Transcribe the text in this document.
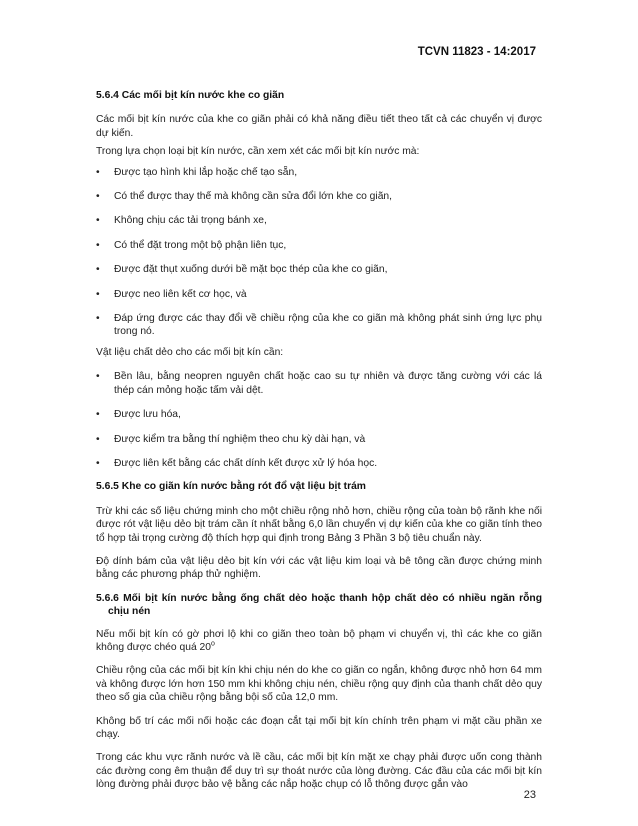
TCVN 11823 - 14:2017

5.6.4 Các mối bịt kín nước khe co giãn

Các mối bịt kín nước của khe co giãn phải có khả năng điều tiết theo tất cả các chuyển vị được dự kiến.

Trong lựa chọn loại bịt kín nước, cần xem xét các mối bịt kín nước mà:

• Được tạo hình khi lắp hoặc chế tạo sẵn,
• Có thể được thay thế mà không cần sửa đổi lớn khe co giãn,
• Không chịu các tải trọng bánh xe,
• Có thể đặt trong một bộ phận liên tục,
• Được đặt thụt xuống dưới bề mặt bọc thép của khe co giãn,
• Được neo liên kết cơ học, và
• Đáp ứng được các thay đổi về chiều rộng của khe co giãn mà không phát sinh ứng lực phụ trong nó.

Vật liệu chất dẻo cho các mối bịt kín cần:

• Bền lâu, bằng neopren nguyên chất hoặc cao su tự nhiên và được tăng cường với các lá thép cán mỏng hoặc tấm vải dệt.
• Được lưu hóa,
• Được kiểm tra bằng thí nghiệm theo chu kỳ dài hạn, và
• Được liên kết bằng các chất dính kết được xử lý hóa học.

5.6.5 Khe co giãn kín nước bằng rót đổ vật liệu bịt trám

Trừ khi các số liệu chứng minh cho một chiều rộng nhỏ hơn, chiều rộng của toàn bộ rãnh khe nối được rót vật liệu dẻo bịt trám cần ít nhất bằng 6,0 lần chuyển vị dự kiến của khe co giãn tính theo tổ hợp tải trọng cường độ thích hợp qui định trong Bảng 3 Phần 3 bộ tiêu chuẩn này.

Độ dính bám của vật liệu dẻo bịt kín với các vật liệu kim loại và bê tông cần được chứng minh bằng các phương pháp thử nghiệm.

5.6.6 Mối bịt kín nước bằng ống chất dẻo hoặc thanh hộp chất dẻo có nhiều ngăn rỗng chịu nén

Nếu mối bịt kín có gờ phơi lộ khi co giãn theo toàn bộ phạm vi chuyển vị, thì các khe co giãn không được chéo quá 20$^o$

Chiều rộng của các mối bịt kín khi chịu nén do khe co giãn co ngắn, không được nhỏ hơn 64 mm và không được lớn hơn 150 mm khi không chịu nén, chiều rộng quy định của thanh chất dẻo quy theo số gia của chiều rộng bằng bội số của 12,0 mm.

Không bố trí các mối nối hoặc các đoạn cắt tại mối bịt kín chính trên phạm vi mặt cầu phần xe chạy.

Trong các khu vực rãnh nước và lề cầu, các mối bịt kín mặt xe chạy phải được uốn cong thành các đường cong êm thuận để duy trì sự thoát nước của lòng đường. Các đầu của các mối bịt kín lòng đường phải được bảo vệ bằng các nắp hoặc chụp có lỗ thông được gắn vào

23
